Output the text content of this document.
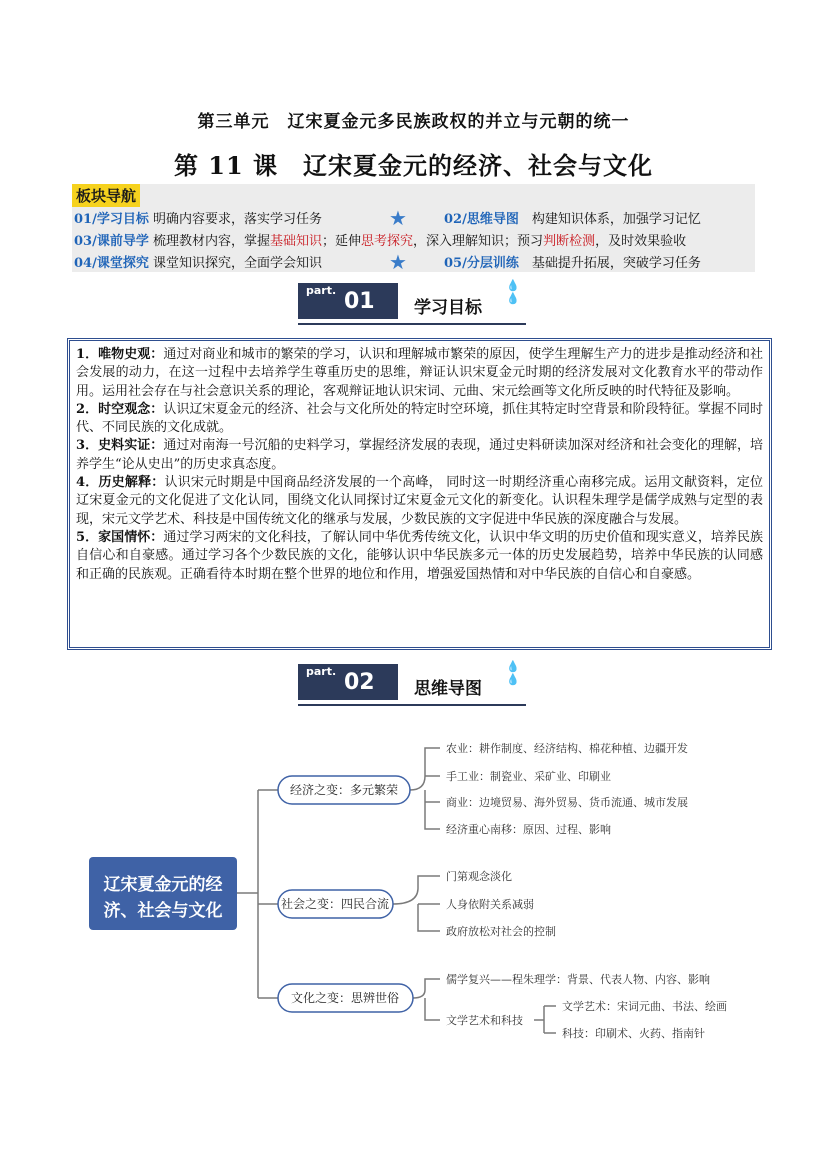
第三单元　辽宋夏金元多民族政权的并立与元朝的统一
第 11 课　辽宋夏金元的经济、社会与文化
板块导航
01/学习目标 明确内容要求，落实学习任务	★	02/思维导图　 构建知识体系，加强学习记忆
03/课前导学 梳理教材内容，掌握基础知识；延伸思考探究，深入理解知识；预习判断检测，及时效果验收
04/课堂探究 课堂知识探究，全面学会知识	★	05/分层训练　 基础提升拓展，突破学习任务
part. 01 学习目标
💧💧

1．唯物史观：通过对商业和城市的繁荣的学习，认识和理解城市繁荣的原因，使学生理解生产力的进步是推动经济和社会发展的动力，在这一过程中去培养学生尊重历史的思维，辩证认识宋夏金元时期的经济发展对文化教育水平的带动作用。运用社会存在与社会意识关系的理论，客观辩证地认识宋词、元曲、宋元绘画等文化所反映的时代特征及影响。

2．时空观念：认识辽宋夏金元的经济、社会与文化所处的特定时空环境，抓住其特定时空背景和阶段特征。掌握不同时代、不同民族的文化成就。

3．史料实证：通过对南海一号沉船的史料学习，掌握经济发展的表现，通过史料研读加深对经济和社会变化的理解，培养学生“论从史出”的历史求真态度。

4．历史解释：认识宋元时期是中国商品经济发展的一个高峰， 同时这一时期经济重心南移完成。运用文献资料，定位辽宋夏金元的文化促进了文化认同，围绕文化认同探讨辽宋夏金元文化的新变化。认识程朱理学是儒学成熟与定型的表现，宋元文学艺术、科技是中国传统文化的继承与发展，少数民族的文字促进中华民族的深度融合与发展。

5．家国情怀：通过学习两宋的文化科技，了解认同中华优秀传统文化，认识中华文明的历史价值和现实意义，培养民族自信心和自豪感。通过学习各个少数民族的文化，能够认识中华民族多元一体的历史发展趋势，培养中华民族的认同感和正确的民族观。正确看待本时期在整个世界的地位和作用，增强爱国热情和对中华民族的自信心和自豪感。

part. 02 思维导图
💧💧
辽宋夏金元的经
济、社会与文化
经济之变：多元繁荣
社会之变：四民合流
文化之变：思辨世俗
农业：耕作制度、经济结构、棉花种植、边疆开发
手工业：制瓷业、采矿业、印刷业
商业：边境贸易、海外贸易、货币流通、城市发展
经济重心南移：原因、过程、影响
门第观念淡化
人身依附关系减弱
政府放松对社会的控制
儒学复兴——程朱理学：背景、代表人物、内容、影响
文学艺术和科技
文学艺术：宋词元曲、书法、绘画
科技：印刷术、火药、指南针
